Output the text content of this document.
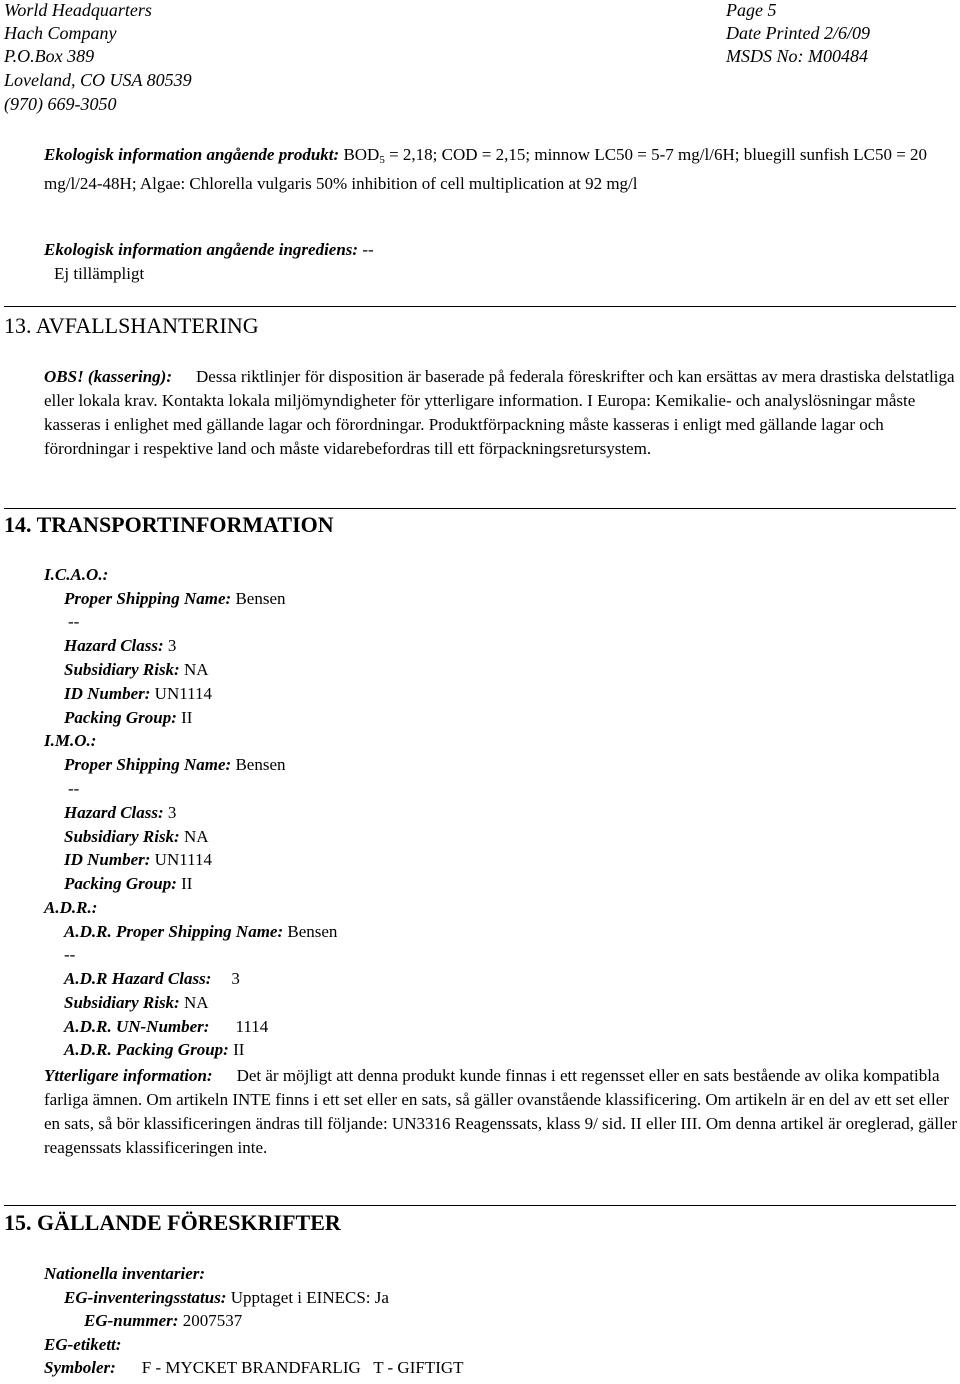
World Headquarters
Hach Company
P.O.Box 389
Loveland, CO USA 80539
(970) 669-3050
Page 5
Date Printed 2/6/09
MSDS No: M00484
Ekologisk information angående produkt: $BOD_5 = 2,18$; COD = 2,15; minnow LC50 = 5-7 mg/l/6H; bluegill sunfish LC50 = 20 mg/l/24-48H; Algae: Chlorella vulgaris 50% inhibition of cell multiplication at 92 mg/l
Ekologisk information angående ingrediens: --
Ej tillämpligt
13. AVFALLSHANTERING
OBS! (kassering): Dessa riktlinjer för disposition är baserade på federala föreskrifter och kan ersättas av mera drastiska delstatliga eller lokala krav. Kontakta lokala miljömyndigheter för ytterligare information. I Europa: Kemikalie- och analyslösningar måste kasseras i enlighet med gällande lagar och förordningar. Produktförpackning måste kasseras i enligt med gällande lagar och förordningar i respektive land och måste vidarebefordras till ett förpackningsretursystem.
14. TRANSPORTINFORMATION
I.C.A.O.:
Proper Shipping Name: Bensen
--
Hazard Class: 3
Subsidiary Risk: NA
ID Number: UN1114
Packing Group: II
I.M.O.:
Proper Shipping Name: Bensen
--
Hazard Class: 3
Subsidiary Risk: NA
ID Number: UN1114
Packing Group: II
A.D.R.:
A.D.R. Proper Shipping Name: Bensen
--
A.D.R Hazard Class: 3
Subsidiary Risk: NA
A.D.R. UN-Number: 1114
A.D.R. Packing Group: II
Ytterligare information: Det är möjligt att denna produkt kunde finnas i ett regensset eller en sats bestående av olika kompatibla farliga ämnen. Om artikeln INTE finns i ett set eller en sats, så gäller ovanstående klassificering. Om artikeln är en del av ett set eller en sats, så bör klassificeringen ändras till följande: UN3316 Reagenssats, klass 9/ sid. II eller III. Om denna artikel är oreglerad, gäller reagenssats klassificeringen inte.
15. GÄLLANDE FÖRESKRIFTER
Nationella inventarier:
EG-inventeringsstatus: Upptaget i EINECS: Ja
EG-nummer: 2007537
EG-etikett:
Symboler: F - MYCKET BRANDFARLIG   T - GIFTIGT
